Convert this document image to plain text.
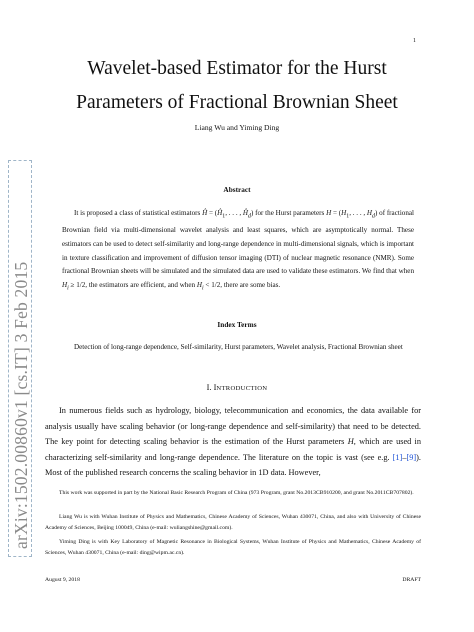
1
arXiv:1502.00860v1 [cs.IT] 3 Feb 2015
Wavelet-based Estimator for the Hurst
Parameters of Fractional Brownian Sheet
Liang Wu and Yiming Ding
Abstract

It is proposed a class of statistical estimators Ĥ = ($Ĥ_1$, . . . , $Ĥ_d$) for the Hurst parameters $H = (H_1$, . . . , $H_d$) of fractional Brownian field via multi-dimensional wavelet analysis and least squares, which are asymptotically normal. These estimators can be used to detect self-similarity and long-range dependence in multi-dimensional signals, which is important in texture classification and improvement of diffusion tensor imaging (DTI) of nuclear magnetic resonance (NMR). Some fractional Brownian sheets will be simulated and the simulated data are used to validate these estimators. We find that when $H_i \ge 1/2$, the estimators are efficient, and when $H_i < 1/2$, there are some bias.

Index Terms

Detection of long-range dependence, Self-similarity, Hurst parameters, Wavelet analysis, Fractional Brownian sheet

I. INTRODUCTION

In numerous fields such as hydrology, biology, telecommunication and economics, the data available for analysis usually have scaling behavior (or long-range dependence and self-similarity) that need to be detected. The key point for detecting scaling behavior is the estimation of the Hurst parameters H, which are used in characterizing self-similarity and long-range dependence. The literature on the topic is vast (see e.g. [1]–[9]). Most of the published research concerns the scaling behavior in 1D data. However,

This work was supported in part by the National Basic Research Program of China (973 Program, grant No.2013CB910200, and grant No.2011CB707802).

Liang Wu is with Wuhan Institute of Physics and Mathematics, Chinese Academy of Sciences, Wuhan 430071, China, and also with University of Chinese Academy of Sciences, Beijing 100049, China (e-mail: wuliangshine@gmail.com).

Yiming Ding is with Key Laboratory of Magnetic Resonance in Biological Systems, Wuhan Institute of Physics and Mathematics, Chinese Academy of Sciences, Wuhan 430071, China (e-mail: ding@wipm.ac.cn).

August 9, 2018	DRAFT
